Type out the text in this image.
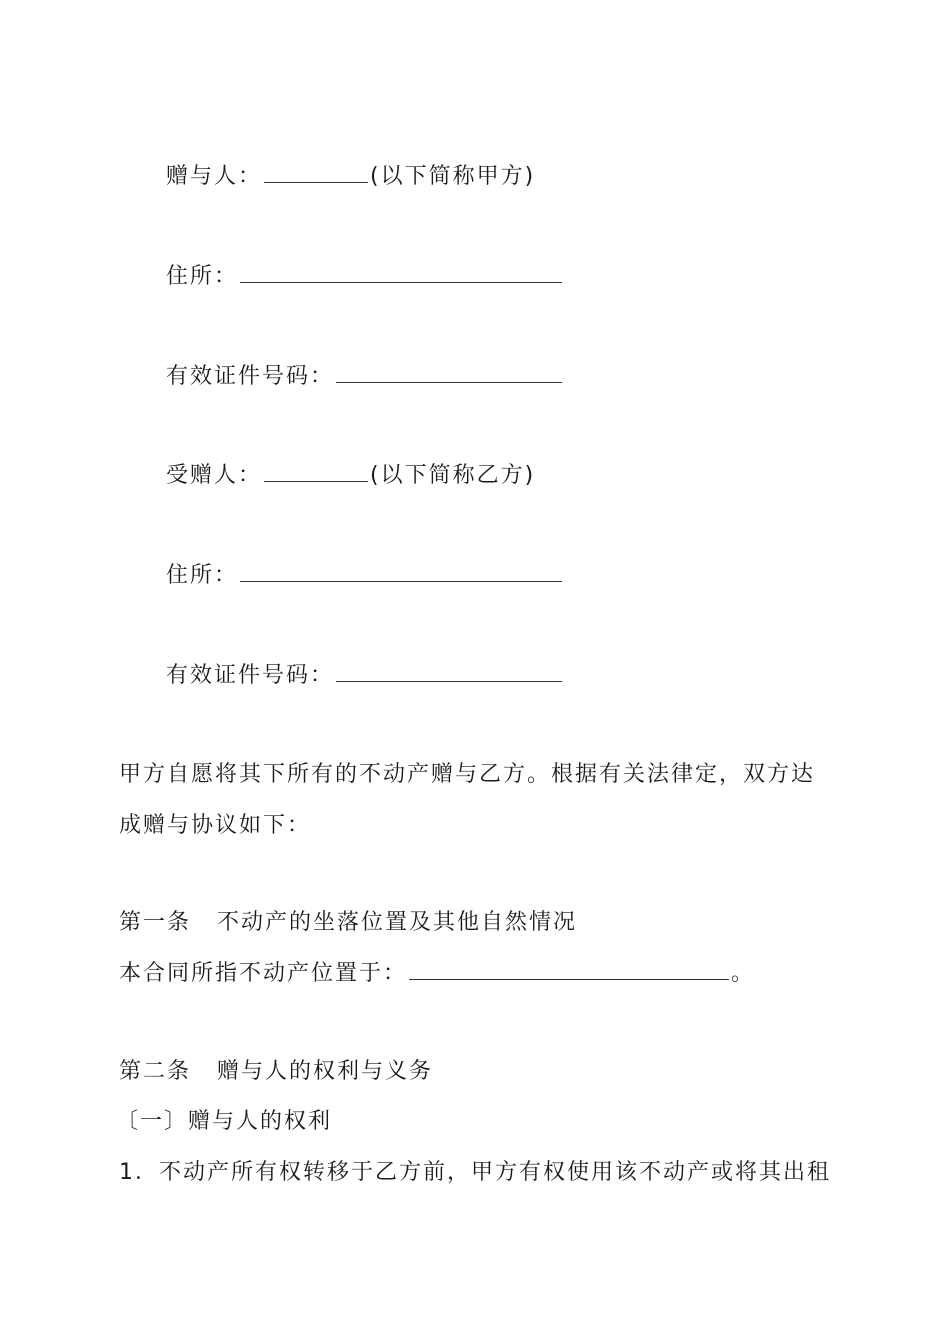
赠与人：	(以下简称甲方)
住所：
有效证件号码：
受赠人：	(以下简称乙方)
住所：
有效证件号码：
甲方自愿将其下所有的不动产赠与乙方。根据有关法律定，双方达
成赠与协议如下：
第一条 不动产的坐落位置及其他自然情况
本合同所指不动产位置于：	。
第二条 赠与人的权利与义务
〔一〕赠与人的权利
1．不动产所有权转移于乙方前，甲方有权使用该不动产或将其出租
